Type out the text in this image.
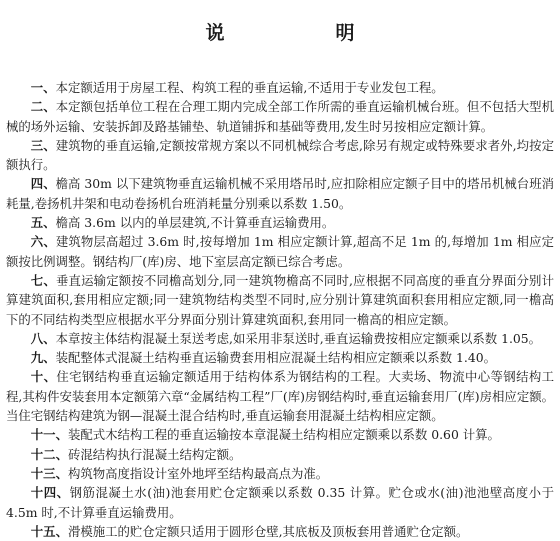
说　明

一、本定额适用于房屋工程、构筑工程的垂直运输,不适用于专业发包工程。

二、本定额包括单位工程在合理工期内完成全部工作所需的垂直运输机械台班。但不包括大型机械的场外运输、安装拆卸及路基铺垫、轨道铺拆和基础等费用,发生时另按相应定额计算。

三、建筑物的垂直运输,定额按常规方案以不同机械综合考虑,除另有规定或特殊要求者外,均按定额执行。

四、檐高 30m 以下建筑物垂直运输机械不采用塔吊时,应扣除相应定额子目中的塔吊机械台班消耗量,卷扬机井架和电动卷扬机台班消耗量分别乘以系数 1.50。

五、檐高 3.6m 以内的单层建筑,不计算垂直运输费用。

六、建筑物层高超过 3.6m 时,按每增加 1m 相应定额计算,超高不足 1m 的,每增加 1m 相应定额按比例调整。钢结构厂(库)房、地下室层高定额已综合考虑。

七、垂直运输定额按不同檐高划分,同一建筑物檐高不同时,应根据不同高度的垂直分界面分别计算建筑面积,套用相应定额;同一建筑物结构类型不同时,应分别计算建筑面积套用相应定额,同一檐高下的不同结构类型应根据水平分界面分别计算建筑面积,套用同一檐高的相应定额。

八、本章按主体结构混凝土泵送考虑,如采用非泵送时,垂直运输费按相应定额乘以系数 1.05。

九、装配整体式混凝土结构垂直运输费套用相应混凝土结构相应定额乘以系数 1.40。

十、住宅钢结构垂直运输定额适用于结构体系为钢结构的工程。大卖场、物流中心等钢结构工程,其构件安装套用本定额第六章“金属结构工程”厂(库)房钢结构时,垂直运输套用厂(库)房相应定额。当住宅钢结构建筑为钢—混凝土混合结构时,垂直运输套用混凝土结构相应定额。

十一、装配式木结构工程的垂直运输按本章混凝土结构相应定额乘以系数 0.60 计算。

十二、砖混结构执行混凝土结构定额。

十三、构筑物高度指设计室外地坪至结构最高点为准。

十四、钢筋混凝土水(油)池套用贮仓定额乘以系数 0.35 计算。贮仓或水(油)池池壁高度小于4.5m 时,不计算垂直运输费用。

十五、滑模施工的贮仓定额只适用于圆形仓壁,其底板及顶板套用普通贮仓定额。
